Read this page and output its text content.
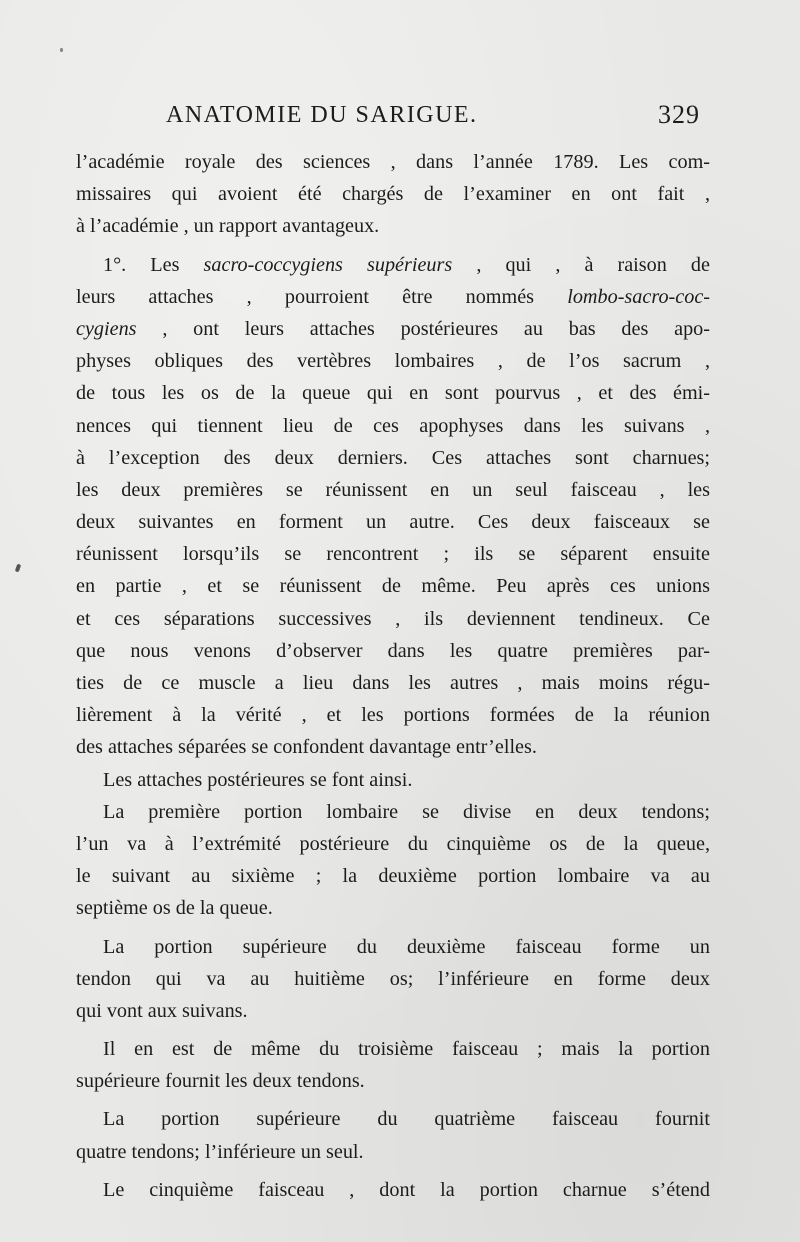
ANATOMIE DU SARIGUE.	329
l’académie royale des sciences , dans l’année 1789. Les com-
missaires qui avoient été chargés de l’examiner en ont fait ,
à l’académie , un rapport avantageux.
1°. Les sacro-coccygiens supérieurs , qui , à raison de
leurs attaches , pourroient être nommés lombo-sacro-coc-
cygiens , ont leurs attaches postérieures au bas des apo-
physes obliques des vertèbres lombaires , de l’os sacrum ,
de tous les os de la queue qui en sont pourvus , et des émi-
nences qui tiennent lieu de ces apophyses dans les suivans ,
à l’exception des deux derniers. Ces attaches sont charnues;
les deux premières se réunissent en un seul faisceau , les
deux suivantes en forment un autre. Ces deux faisceaux se
réunissent lorsqu’ils se rencontrent ; ils se séparent ensuite
en partie , et se réunissent de même. Peu après ces unions
et ces séparations successives , ils deviennent tendineux. Ce
que nous venons d’observer dans les quatre premières par-
ties de ce muscle a lieu dans les autres , mais moins régu-
lièrement à la vérité , et les portions formées de la réunion
des attaches séparées se confondent davantage entr’elles.
Les attaches postérieures se font ainsi.
La première portion lombaire se divise en deux tendons;
l’un va à l’extrémité postérieure du cinquième os de la queue,
le suivant au sixième ; la deuxième portion lombaire va au
septième os de la queue.
La portion supérieure du deuxième faisceau forme un
tendon qui va au huitième os; l’inférieure en forme deux
qui vont aux suivans.
Il en est de même du troisième faisceau ; mais la portion
supérieure fournit les deux tendons.
La portion supérieure du quatrième faisceau fournit
quatre tendons; l’inférieure un seul.
Le cinquième faisceau , dont la portion charnue s’étend
